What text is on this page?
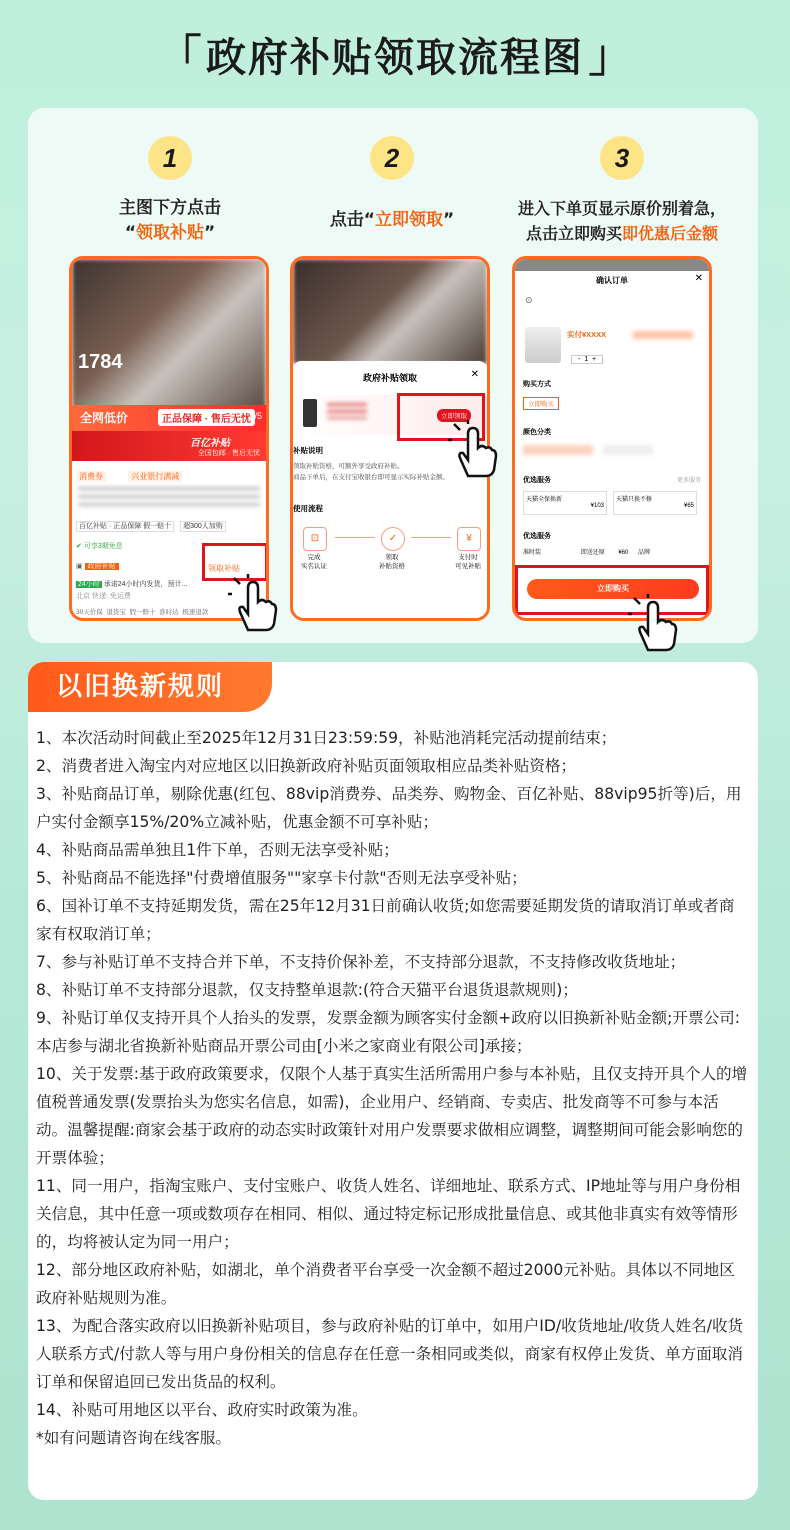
「 政府补贴领取流程图 」
1
主图下方点击
“领取补贴”
2
点击“立即领取”
3
进入下单页显示原价别着急，
点击立即购买即优惠后金额
1784
全网低价	正品保障 · 售后无忧
1/5
百亿补贴
全国包邮 · 售后无忧
消费券	兴业银行满减
百亿补贴 · 正品保障 假一赔十 超300人加购
✔ 可享3期免息
▣ 政府补贴	领取补贴
24小时 承诺24小时内发货，预计...
北京 快递: 免运费
30天价保 退货宝 假一赔十 准时达 极速退款
政府补贴领取	✕
立即领取
补贴说明
领取补贴资格，可额外享受政府补贴。
商品下单后，在支付宝收银台即可显示实际补贴金额。
使用流程
⊡
完成
实名认证
✓
领取
补贴资格
¥
支付时
可见补贴
确认订单	✕
⊙
实付¥XXXX
-  1  +
购买方式
立即购买
颜色分类
优选服务	更多服务
天猫全保换新
¥103
天猫只换不修
¥65
优选服务
准时装	即送还原 ¥60 品牌
立即购买
以旧换新规则

1、本次活动时间截止至2025年12月31日23:59:59，补贴池消耗完活动提前结束；

2、消费者进入淘宝内对应地区以旧换新政府补贴页面领取相应品类补贴资格；

3、补贴商品订单，剔除优惠(红包、88vip消费券、品类券、购物金、百亿补贴、88vip95折等)后，用户实付金额享15%/20%立减补贴，优惠金额不可享补贴；

4、补贴商品需单独且1件下单，否则无法享受补贴；

5、补贴商品不能选择"付费增值服务""家享卡付款"否则无法享受补贴；

6、国补订单不支持延期发货，需在25年12月31日前确认收货;如您需要延期发货的请取消订单或者商家有权取消订单；

7、参与补贴订单不支持合并下单，不支持价保补差，不支持部分退款，不支持修改收货地址；

8、补贴订单不支持部分退款，仅支持整单退款:(符合天猫平台退货退款规则)；

9、补贴订单仅支持开具个人抬头的发票，发票金额为顾客实付金额+政府以旧换新补贴金额;开票公司:本店参与湖北省换新补贴商品开票公司由[小米之家商业有限公司]承接；

10、关于发票:基于政府政策要求，仅限个人基于真实生活所需用户参与本补贴，且仅支持开具个人的增值税普通发票(发票抬头为您实名信息，如需)，企业用户、经销商、专卖店、批发商等不可参与本活动。温馨提醒:商家会基于政府的动态实时政策针对用户发票要求做相应调整，调整期间可能会影响您的开票体验；

11、同一用户，指淘宝账户、支付宝账户、收货人姓名、详细地址、联系方式、IP地址等与用户身份相关信息，其中任意一项或数项存在相同、相似、通过特定标记形成批量信息、或其他非真实有效等情形的，均将被认定为同一用户；

12、部分地区政府补贴，如湖北，单个消费者平台享受一次金额不超过2000元补贴。具体以不同地区政府补贴规则为准。

13、为配合落实政府以旧换新补贴项目，参与政府补贴的订单中，如用户ID/收货地址/收货人姓名/收货人联系方式/付款人等与用户身份相关的信息存在任意一条相同或类似，商家有权停止发货、单方面取消订单和保留追回已发出货品的权利。

14、补贴可用地区以平台、政府实时政策为准。

*如有问题请咨询在线客服。
